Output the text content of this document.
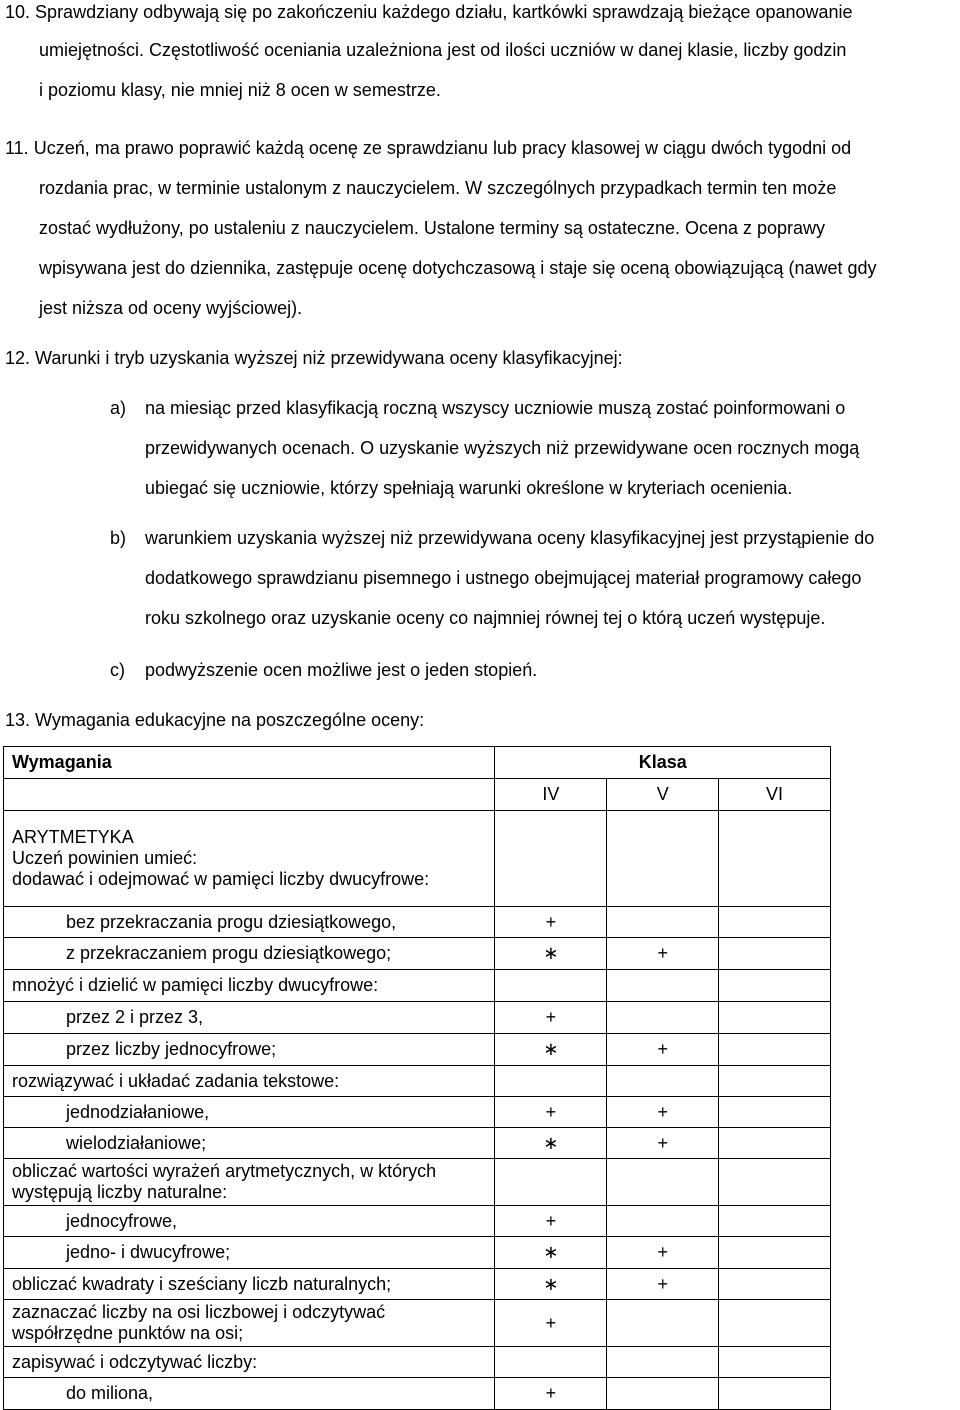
10. Sprawdziany odbywają się po zakończeniu każdego działu, kartkówki sprawdzają bieżące opanowanie
umiejętności. Częstotliwość oceniania uzależniona jest od ilości uczniów w danej klasie, liczby godzin
i poziomu klasy, nie mniej niż 8 ocen w semestrze.
11. Uczeń, ma prawo poprawić każdą ocenę ze sprawdzianu lub pracy klasowej w ciągu dwóch tygodni od
rozdania prac, w terminie ustalonym z nauczycielem. W szczególnych przypadkach termin ten może
zostać wydłużony, po ustaleniu z nauczycielem. Ustalone terminy są ostateczne. Ocena z poprawy
wpisywana jest do dziennika, zastępuje ocenę dotychczasową i staje się oceną obowiązującą (nawet gdy
jest niższa od oceny wyjściowej).
12. Warunki i tryb uzyskania wyższej niż przewidywana oceny klasyfikacyjnej:
a) na miesiąc przed klasyfikacją roczną wszyscy uczniowie muszą zostać poinformowani o
przewidywanych ocenach. O uzyskanie wyższych niż przewidywane ocen rocznych mogą
ubiegać się uczniowie, którzy spełniają warunki określone w kryteriach ocenienia.
b) warunkiem uzyskania wyższej niż przewidywana oceny klasyfikacyjnej jest przystąpienie do
dodatkowego sprawdzianu pisemnego i ustnego obejmującej materiał programowy całego
roku szkolnego oraz uzyskanie oceny co najmniej równej tej o którą uczeń występuje.
c) podwyższenie ocen możliwe jest o jeden stopień.
13. Wymagania edukacyjne na poszczególne oceny:
Wymagania	Klasa		
	IV	V	VI

ARYTMETYKA
Uczeń powinien umieć:
dodawać i odejmować w pamięci liczby dwucyfrowe:			

bez przekraczania progu dziesiątkowego,	+		

z przekraczaniem progu dziesiątkowego;	∗	+	

mnożyć i dzielić w pamięci liczby dwucyfrowe:			

przez 2 i przez 3,	+		

przez liczby jednocyfrowe;	∗	+	

rozwiązywać i układać zadania tekstowe:			

jednodziałaniowe,	+	+	

wielodziałaniowe;	∗	+	

obliczać wartości wyrażeń arytmetycznych, w których występują liczby naturalne:			

jednocyfrowe,	+		

jedno- i dwucyfrowe;	∗	+	

obliczać kwadraty i sześciany liczb naturalnych;	∗	+	

zaznaczać liczby na osi liczbowej i odczytywać współrzędne punktów na osi;	+		

zapisywać i odczytywać liczby:			

do miliona,	+		
